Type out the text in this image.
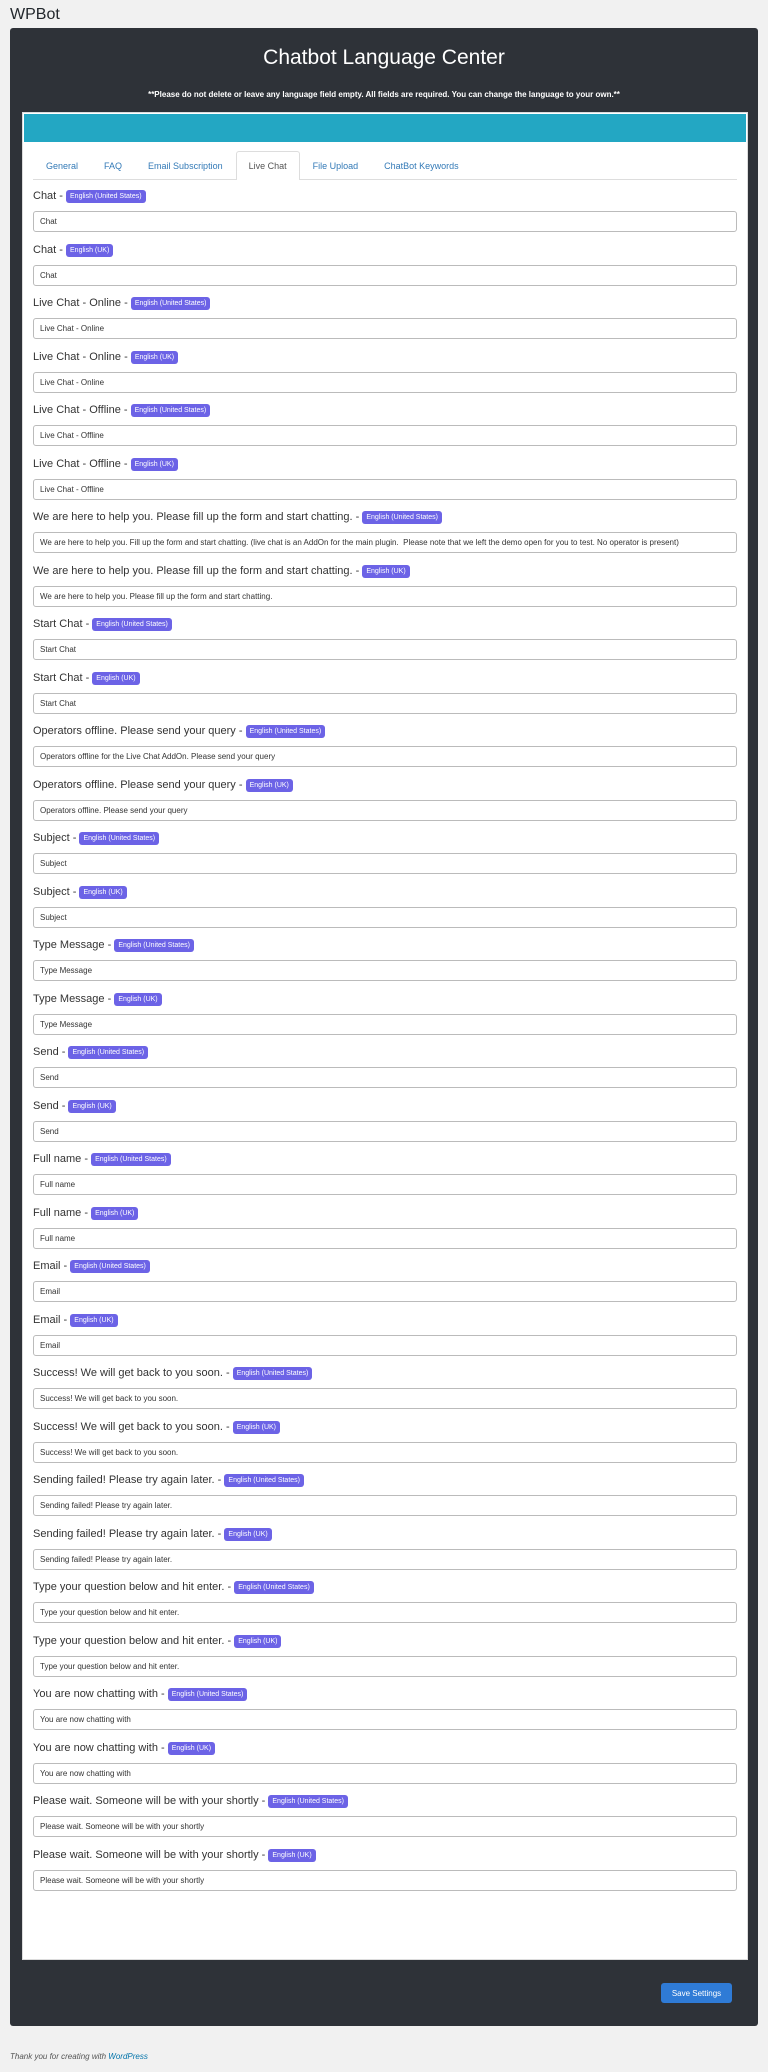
WPBot
Chatbot Language Center
**Please do not delete or leave any language field empty. All fields are required. You can change the language to your own.**
General	FAQ	Email Subscription	Live Chat	File Upload	ChatBot Keywords
Chat - English (United States)
Chat
Chat - English (UK)
Chat
Live Chat - Online - English (United States)
Live Chat - Online
Live Chat - Online - English (UK)
Live Chat - Online
Live Chat - Offline - English (United States)
Live Chat - Offline
Live Chat - Offline - English (UK)
Live Chat - Offline
We are here to help you. Please fill up the form and start chatting. - English (United States)
We are here to help you. Fill up the form and start chatting. (live chat is an AddOn for the main plugin. Please note that we left the demo open for you to test. No operator is present)
We are here to help you. Please fill up the form and start chatting. - English (UK)
We are here to help you. Please fill up the form and start chatting.
Start Chat - English (United States)
Start Chat
Start Chat - English (UK)
Start Chat
Operators offline. Please send your query - English (United States)
Operators offline for the Live Chat AddOn. Please send your query
Operators offline. Please send your query - English (UK)
Operators offline. Please send your query
Subject - English (United States)
Subject
Subject - English (UK)
Subject
Type Message - English (United States)
Type Message
Type Message - English (UK)
Type Message
Send - English (United States)
Send
Send - English (UK)
Send
Full name - English (United States)
Full name
Full name - English (UK)
Full name
Email - English (United States)
Email
Email - English (UK)
Email
Success! We will get back to you soon. - English (United States)
Success! We will get back to you soon.
Success! We will get back to you soon. - English (UK)
Success! We will get back to you soon.
Sending failed! Please try again later. - English (United States)
Sending failed! Please try again later.
Sending failed! Please try again later. - English (UK)
Sending failed! Please try again later.
Type your question below and hit enter. - English (United States)
Type your question below and hit enter.
Type your question below and hit enter. - English (UK)
Type your question below and hit enter.
You are now chatting with - English (United States)
You are now chatting with
You are now chatting with - English (UK)
You are now chatting with
Please wait. Someone will be with your shortly - English (United States)
Please wait. Someone will be with your shortly
Please wait. Someone will be with your shortly - English (UK)
Please wait. Someone will be with your shortly
Save Settings
Thank you for creating with WordPress
